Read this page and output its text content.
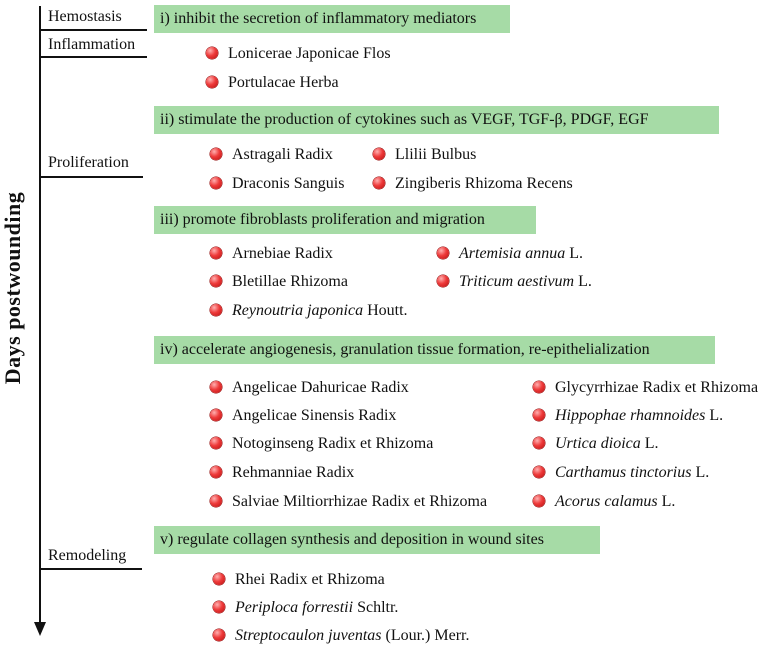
Days postwounding
Hemostasis
Inflammation
Proliferation
Remodeling
i) inhibit the secretion of inflammatory mediators
Lonicerae Japonicae Flos
Portulacae Herba
ii) stimulate the production of cytokines such as VEGF, TGF-β, PDGF, EGF
Astragali Radix	Llilii Bulbus
Draconis Sanguis	Zingiberis Rhizoma Recens
iii) promote fibroblasts proliferation and migration
Arnebiae Radix	Artemisia annua L.
Bletillae Rhizoma	Triticum aestivum L.
Reynoutria japonica Houtt.
iv) accelerate angiogenesis, granulation tissue formation, re-epithelialization
Angelicae Dahuricae Radix	Glycyrrhizae Radix et Rhizoma
Angelicae Sinensis Radix	Hippophae rhamnoides L.
Notoginseng Radix et Rhizoma	Urtica dioica L.
Rehmanniae Radix	Carthamus tinctorius L.
Salviae Miltiorrhizae Radix et Rhizoma	Acorus calamus L.
v) regulate collagen synthesis and deposition in wound sites
Rhei Radix et Rhizoma
Periploca forrestii Schltr.
Streptocaulon juventas (Lour.) Merr.
